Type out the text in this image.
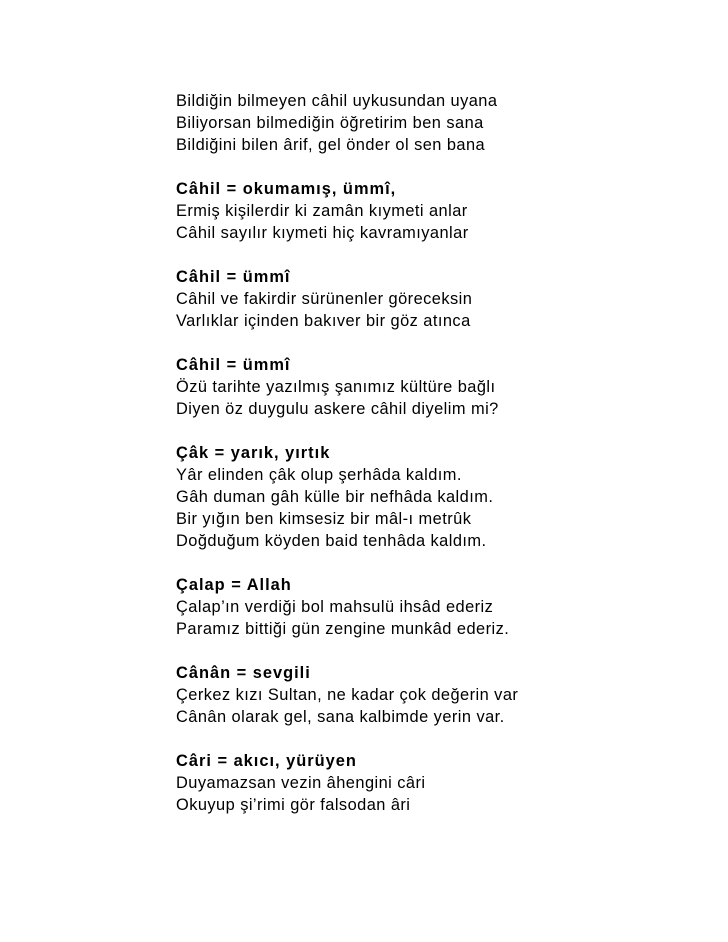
Bildiğin bilmeyen câhil uykusundan uyana
Biliyorsan bilmediğin öğretirim ben sana
Bildiğini bilen ârif, gel önder ol sen bana
Câhil = okumamış, ümmî,
Ermiş kişilerdir ki zamân kıymeti anlar
Câhil sayılır kıymeti hiç kavramıyanlar
Câhil = ümmî
Câhil ve fakirdir sürünenler göreceksin
Varlıklar içinden bakıver bir göz atınca
Câhil = ümmî
Özü tarihte yazılmış şanımız kültüre bağlı
Diyen öz duygulu askere câhil diyelim mi?
Çâk = yarık, yırtık
Yâr elinden çâk olup şerhâda kaldım.
Gâh duman gâh külle bir nefhâda kaldım.
Bir yığın ben kimsesiz bir mâl-ı metrûk
Doğduğum köyden baid tenhâda kaldım.
Çalap = Allah
Çalap’ın verdiği bol mahsulü ihsâd ederiz
Paramız bittiği gün zengine munkâd ederiz.
Cânân = sevgili
Çerkez kızı Sultan, ne kadar çok değerin var
Cânân olarak gel, sana kalbimde yerin var.
Câri = akıcı, yürüyen
Duyamazsan vezin âhengini câri
Okuyup şi’rimi gör falsodan âri
